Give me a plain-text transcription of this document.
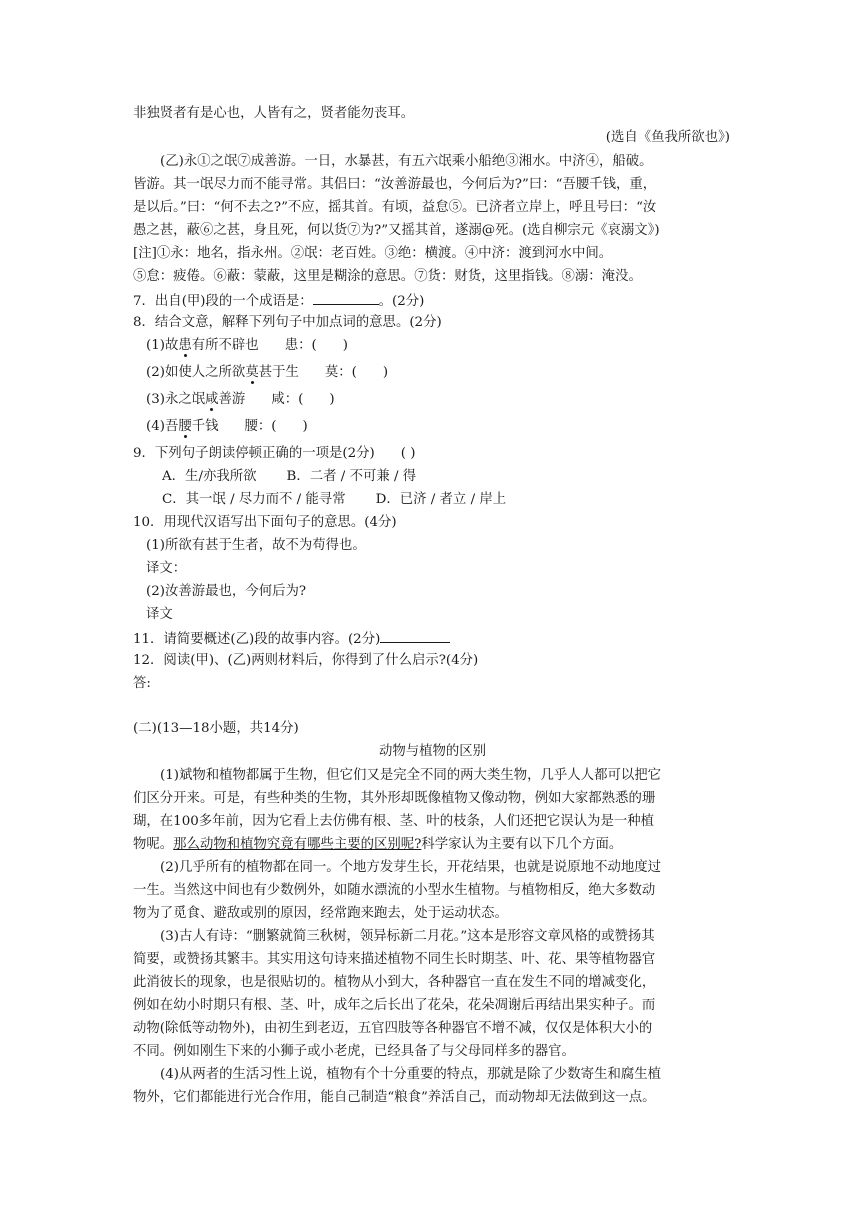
非独贤者有是心也，人皆有之，贤者能勿丧耳。
(选自《鱼我所欲也》)
(乙)永①之氓⑦成善游。一日，水暴甚，有五六氓乘小船绝③湘水。中济④，船破。
皆游。其一氓尽力而不能寻常。其侣曰：“汝善游最也，今何后为?”曰：“吾腰千钱，重，
是以后。”曰：“何不去之?”不应，摇其首。有顷，益怠⑤。已济者立岸上，呼且号曰：“汝
愚之甚，蔽⑥之甚，身且死，何以货⑦为?”又摇其首，遂溺@死。(选自柳宗元《哀溺文》)
[注]①永：地名，指永州。②氓：老百姓。③绝：横渡。④中济：渡到河水中间。
⑤怠：疲倦。⑥蔽：蒙蔽，这里是糊涂的意思。⑦货：财货，这里指钱。⑧溺：淹没。
7．出自(甲)段的一个成语是：	。(2分)
8．结合文意，解释下列句子中加点词的意思。(2分)
(1)故患有所不辟也 患：( )
(2)如使人之所欲莫甚于生 莫：( )
(3)永之氓咸善游 咸：( )
(4)吾腰千钱 腰：( )
9．下列句子朗读停顿正确的一项是(2分) ( )
A．生/亦我所欲 B．二者 / 不可兼 / 得
C．其一氓 / 尽力而不 / 能寻常 D．已济 / 者立 / 岸上
10．用现代汉语写出下面句子的意思。(4分)
(1)所欲有甚于生者，故不为苟得也。
译文：
(2)汝善游最也，今何后为?
译文
11．请简要概述(乙)段的故事内容。(2分)
12．阅读(甲)、(乙)两则材料后，你得到了什么启示?(4分)
答:
(二)(13—18小题，共14分)
动物与植物的区别
(1)斌物和植物都属于生物，但它们又是完全不同的两大类生物，几乎人人都可以把它
们区分开来。可是，有些种类的生物，其外形却既像植物又像动物，例如大家都熟悉的珊
瑚，在100多年前，因为它看上去仿佛有根、茎、叶的枝条，人们还把它误认为是一种植
物呢。那么动物和植物究竟有哪些主要的区别呢?科学家认为主要有以下几个方面。
(2)几乎所有的植物都在同一。个地方发芽生长，开花结果，也就是说原地不动地度过
一生。当然这中间也有少数例外，如随水漂流的小型水生植物。与植物相反，绝大多数动
物为了觅食、避敌或别的原因，经常跑来跑去，处于运动状态。
(3)古人有诗：“删繁就简三秋树，领异标新二月花。”这本是形容文章风格的或赞扬其
简要，或赞扬其繁丰。其实用这句诗来描述植物不同生长时期茎、叶、花、果等植物器官
此消彼长的现象，也是很贴切的。植物从小到大，各种器官一直在发生不同的增减变化，
例如在幼小时期只有根、茎、叶，成年之后长出了花朵，花朵凋谢后再结出果实种子。而
动物(除低等动物外)，由初生到老迈，五官四肢等各种器官不增不减，仅仅是体积大小的
不同。例如刚生下来的小狮子或小老虎，已经具备了与父母同样多的器官。
(4)从两者的生活习性上说，植物有个十分重要的特点，那就是除了少数寄生和腐生植
物外，它们都能进行光合作用，能自己制造“粮食”养活自己，而动物却无法做到这一点。
